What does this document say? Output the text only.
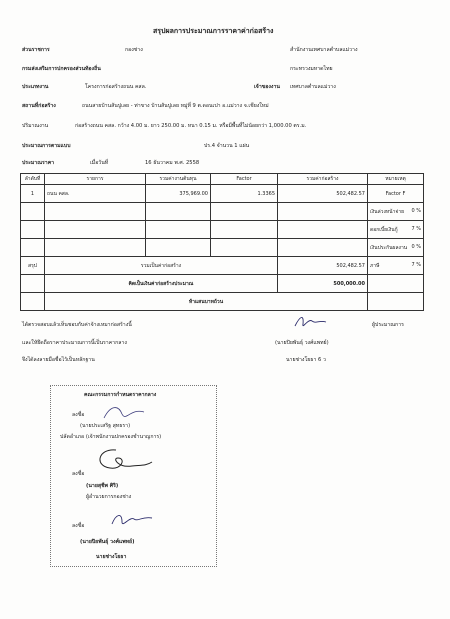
สรุปผลการประมาณการราคาค่าก่อสร้าง
ส่วนราชการ	กองช่าง	สำนักงานเทศบาลตำบลแม่วาง
กรมส่งเสริมการปกครองส่วนท้องถิ่น	กระทรวงมหาดไทย
ประเภทงาน	โครงการก่อสร้างถนน คสล.	เจ้าของงาน เทศบาลตำบลแม่วาง
สถานที่ก่อสร้าง	ถนนสายบ้านสันปูเลย - ท่าขาง บ้านสันปูเลย หมู่ที่ 9 ต.ดอนเปา อ.แม่วาง จ.เชียงใหม่
ปริมาณงาน	ก่อสร้างถนน คสล. กว้าง 4.00 ม. ยาว 250.00 ม. หนา 0.15 ม. หรือมีพื้นที่ไม่น้อยกว่า 1,000.00 ตร.ม.
ประมาณการตามแบบ	ปร.4 จำนวน 1 แผ่น
ประมาณราคา	เมื่อวันที่	16 ธันวาคม พ.ศ. 2558
ลำดับที่	รายการ	รวมค่างานต้นทุน	Factor	รวมค่าก่อสร้าง	หมายเหตุ
1	ถนน คสล.	375,969.00	1.3365	502,482.57	Factor F
					เงินล่วงหน้าจ่าย 0 %

					ดอกเบี้ยเงินกู้ 7 %

					เงินประกันผลงาน 0 %

สรุป	รวมเป็นค่าก่อสร้าง			502,482.57	ภาษี 7 %

	คิดเป็นเงินค่าก่อสร้างประมาณ			500,000.00	
	ห้าแสนบาทถ้วน				
ได้ตรวจสอบแล้วเห็นชอบกับค่าจ้างเหมาก่อสร้างนี้
และให้ยึดถือราคาประมาณการนี้เป็นราคากลาง
จึงได้ลงลายมือชื่อไว้เป็นหลักฐาน
ผู้ประมาณการ
(นายปิยพันธุ์ วงศ์แพทย์)
นายช่างโยธา 6 ว
คณะกรรมการกำหนดราคากลาง
ลงชื่อ
(นายประเสริฐ สุทธรา)
ปลัดอำเภอ (เจ้าพนักงานปกครองชำนาญการ)
ลงชื่อ
(นายสุชีพ ศิริ)
ผู้อำนวยการกองช่าง
ลงชื่อ
(นายปิยพันธุ์ วงศ์แพทย์)
นายช่างโยธา
